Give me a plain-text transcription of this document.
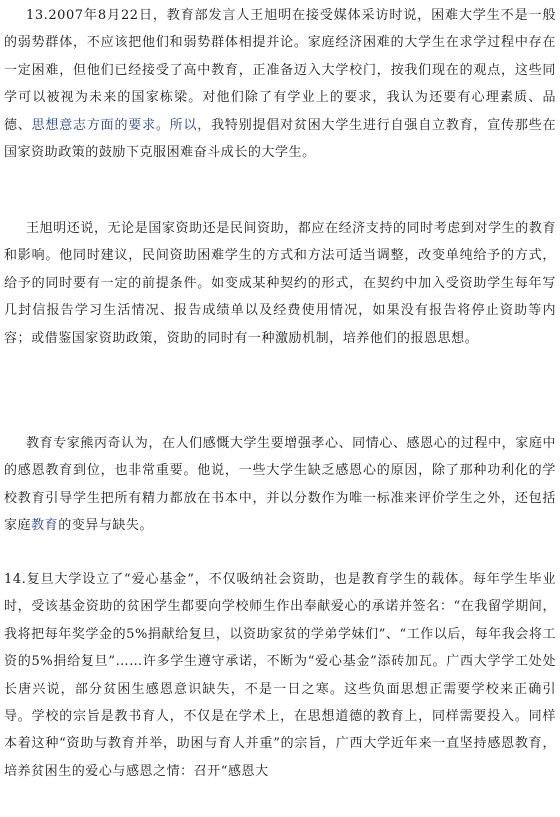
13.2007年8月22日，教育部发言人王旭明在接受媒体采访时说，困难大学生不是一般的弱势群体，不应该把他们和弱势群体相提并论。家庭经济困难的大学生在求学过程中存在一定困难，但他们已经接受了高中教育，正准备迈入大学校门，按我们现在的观点，这些同学可以被视为未来的国家栋梁。对他们除了有学业上的要求，我认为还要有心理素质、品德、思想意志方面的要求。所以，我特别提倡对贫困大学生进行自强自立教育，宣传那些在国家资助政策的鼓励下克服困难奋斗成长的大学生。

王旭明还说，无论是国家资助还是民间资助，都应在经济支持的同时考虑到对学生的教育和影响。他同时建议，民间资助困难学生的方式和方法可适当调整，改变单纯给予的方式，给予的同时要有一定的前提条件。如变成某种契约的形式，在契约中加入受资助学生每年写几封信报告学习生活情况、报告成绩单以及经费使用情况，如果没有报告将停止资助等内容；或借鉴国家资助政策，资助的同时有一种激励机制，培养他们的报恩思想。

教育专家熊丙奇认为，在人们感慨大学生要增强孝心、同情心、感恩心的过程中，家庭中的感恩教育到位，也非常重要。他说，一些大学生缺乏感恩心的原因，除了那种功利化的学校教育引导学生把所有精力都放在书本中，并以分数作为唯一标准来评价学生之外，还包括家庭教育的变异与缺失。

14.复旦大学设立了“爱心基金”，不仅吸纳社会资助，也是教育学生的载体。每年学生毕业时，受该基金资助的贫困学生都要向学校师生作出奉献爱心的承诺并签名：“在我留学期间，我将把每年奖学金的5%捐献给复旦，以资助家贫的学弟学妹们”、“工作以后，每年我会将工资的5%捐给复旦”……许多学生遵守承诺，不断为“爱心基金”添砖加瓦。广西大学学工处处长唐兴说，部分贫困生感恩意识缺失，不是一日之寒。这些负面思想正需要学校来正确引导。学校的宗旨是教书育人，不仅是在学术上，在思想道德的教育上，同样需要投入。同样本着这种“资助与教育并举，助困与育人并重”的宗旨，广西大学近年来一直坚持感恩教育，培养贫困生的爱心与感恩之情：召开“感恩大
